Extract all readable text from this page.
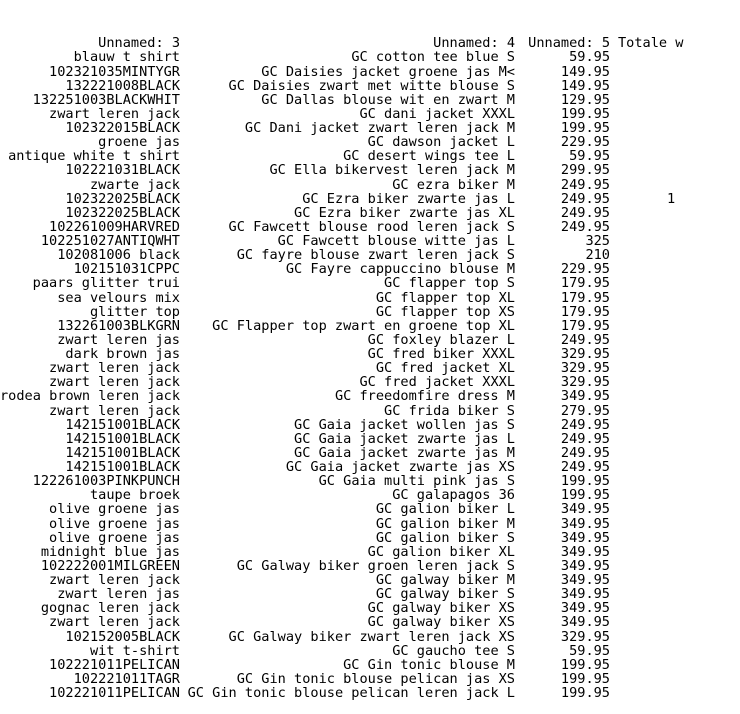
Unnamed: 3	Unnamed: 4 Unnamed: 5 Totale w
blauw t shirt	GC cotton tee blue S	59.95
102321035MINTYGR	GC Daisies jacket groene jas M<	149.95
132221008BLACK	GC Daisies zwart met witte blouse S	149.95
132251003BLACKWHIT	GC Dallas blouse wit en zwart M	129.95
zwart leren jack	GC dani jacket XXXL	199.95
102322015BLACK	GC Dani jacket zwart leren jack M	199.95
groene jas	GC dawson jacket L	229.95
antique white t shirt	GC desert wings tee L	59.95
102221031BLACK	GC Ella bikervest leren jack M	299.95
zwarte jack	GC ezra biker M	249.95
102322025BLACK	GC Ezra biker zwarte jas L	249.95	1
102322025BLACK	GC Ezra biker zwarte jas XL	249.95
102261009HARVRED	GC Fawcett blouse rood leren jack S	249.95
102251027ANTIQWHT	GC Fawcett blouse witte jas L	325
102081006 black	GC fayre blouse zwart leren jack S	210
102151031CPPC	GC Fayre cappuccino blouse M	229.95
paars glitter trui	GC flapper top S	179.95
sea velours mix	GC flapper top XL	179.95
glitter top	GC flapper top XS	179.95
132261003BLKGRN	GC Flapper top zwart en groene top XL	179.95
zwart leren jas	GC foxley blazer L	249.95
dark brown jas	GC fred biker XXXL	329.95
zwart leren jack	GC fred jacket XL	329.95
zwart leren jack	GC fred jacket XXXL	329.95
rodea brown leren jack	GC freedomfire dress M	349.95
zwart leren jack	GC frida biker S	279.95
142151001BLACK	GC Gaia jacket wollen jas S	249.95
142151001BLACK	GC Gaia jacket zwarte jas L	249.95
142151001BLACK	GC Gaia jacket zwarte jas M	249.95
142151001BLACK	GC Gaia jacket zwarte jas XS	249.95
122261003PINKPUNCH	GC Gaia multi pink jas S	199.95
taupe broek	GC galapagos 36	199.95
olive groene jas	GC galion biker L	349.95
olive groene jas	GC galion biker M	349.95
olive groene jas	GC galion biker S	349.95
midnight blue jas	GC galion biker XL	349.95
102222001MILGREEN	GC Galway biker groen leren jack S	349.95
zwart leren jack	GC galway biker M	349.95
zwart leren jas	GC galway biker S	349.95
gognac leren jack	GC galway biker XS	349.95
zwart leren jack	GC galway biker XS	349.95
102152005BLACK	GC Galway biker zwart leren jack XS	329.95
wit t-shirt	GC gaucho tee S	59.95
102221011PELICAN	GC Gin tonic blouse M	199.95
102221011TAGR	GC Gin tonic blouse pelican jas XS	199.95
102221011PELICAN GC Gin tonic blouse pelican leren jack L	199.95
